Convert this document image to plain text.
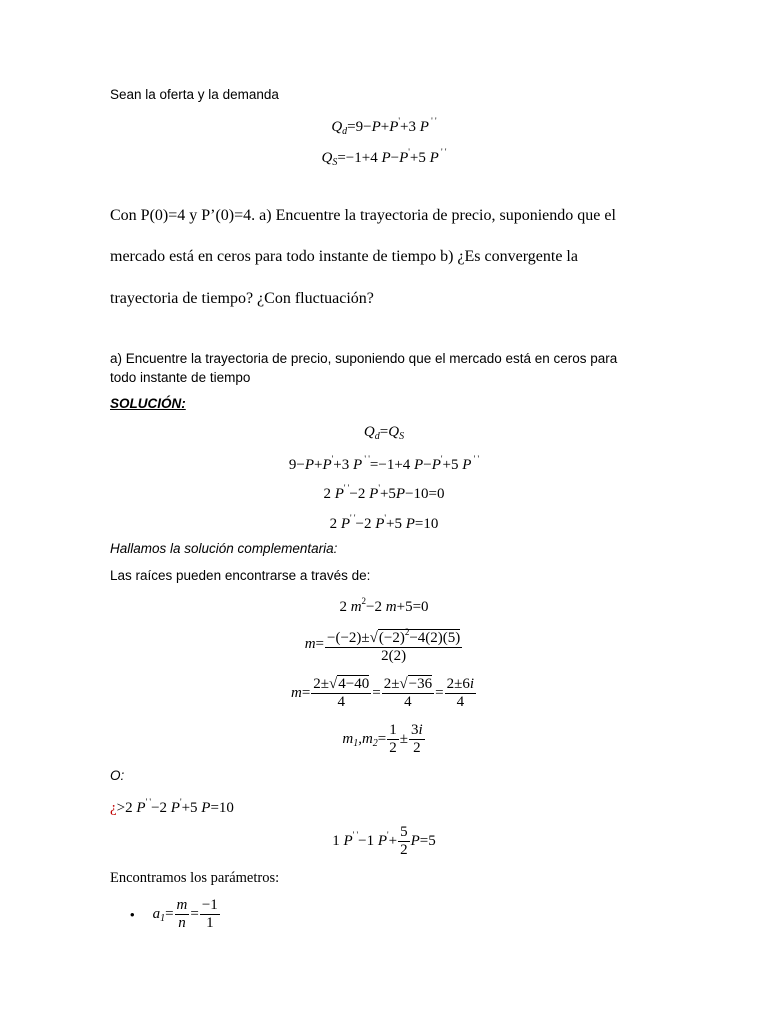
Sean la oferta y la demanda
$Q_d=9-P+P'+3$ P ' '
$Q_S=-1+4$ P−P'+5 P ' '
Con P(0)=4 y P’(0)=4. a) Encuentre la trayectoria de precio, suponiendo que el
mercado está en ceros para todo instante de tiempo b) ¿Es convergente la
trayectoria de tiempo? ¿Con fluctuación?
a) Encuentre la trayectoria de precio, suponiendo que el mercado está en ceros para
todo instante de tiempo
SOLUCIÓN:
$Q_d=Q_S$
9−P+P'+3 P ' '=−1+4 P−P'+5 P ' '
2 P' '−2 P'+5P−10=0
2 P' '−2 P'+5 P=10
Hallamos la solución complementaria:
Las raíces pueden encontrarse a través de:
2 $m^2-2$ m+5=0
$m= \frac{-(-2)\pm√(-2)^2-4(2)(5)}{2(2)}$
$m= \frac{2\pm√4-40}{4} = \frac{2\pm√-36}{4} = \frac{2\pm 6i}{4}$
$m_1,m_2= \frac{1}{2} \pm \frac{3i}{2}$
O:
¿>2 P' '−2 P'+5 P=10
1 P' '−1 $P'+ \frac{5}{2} P=5$
Encontramos los parámetros:
• $a_1= \frac{m}{n} = \frac{-1}{1}$
